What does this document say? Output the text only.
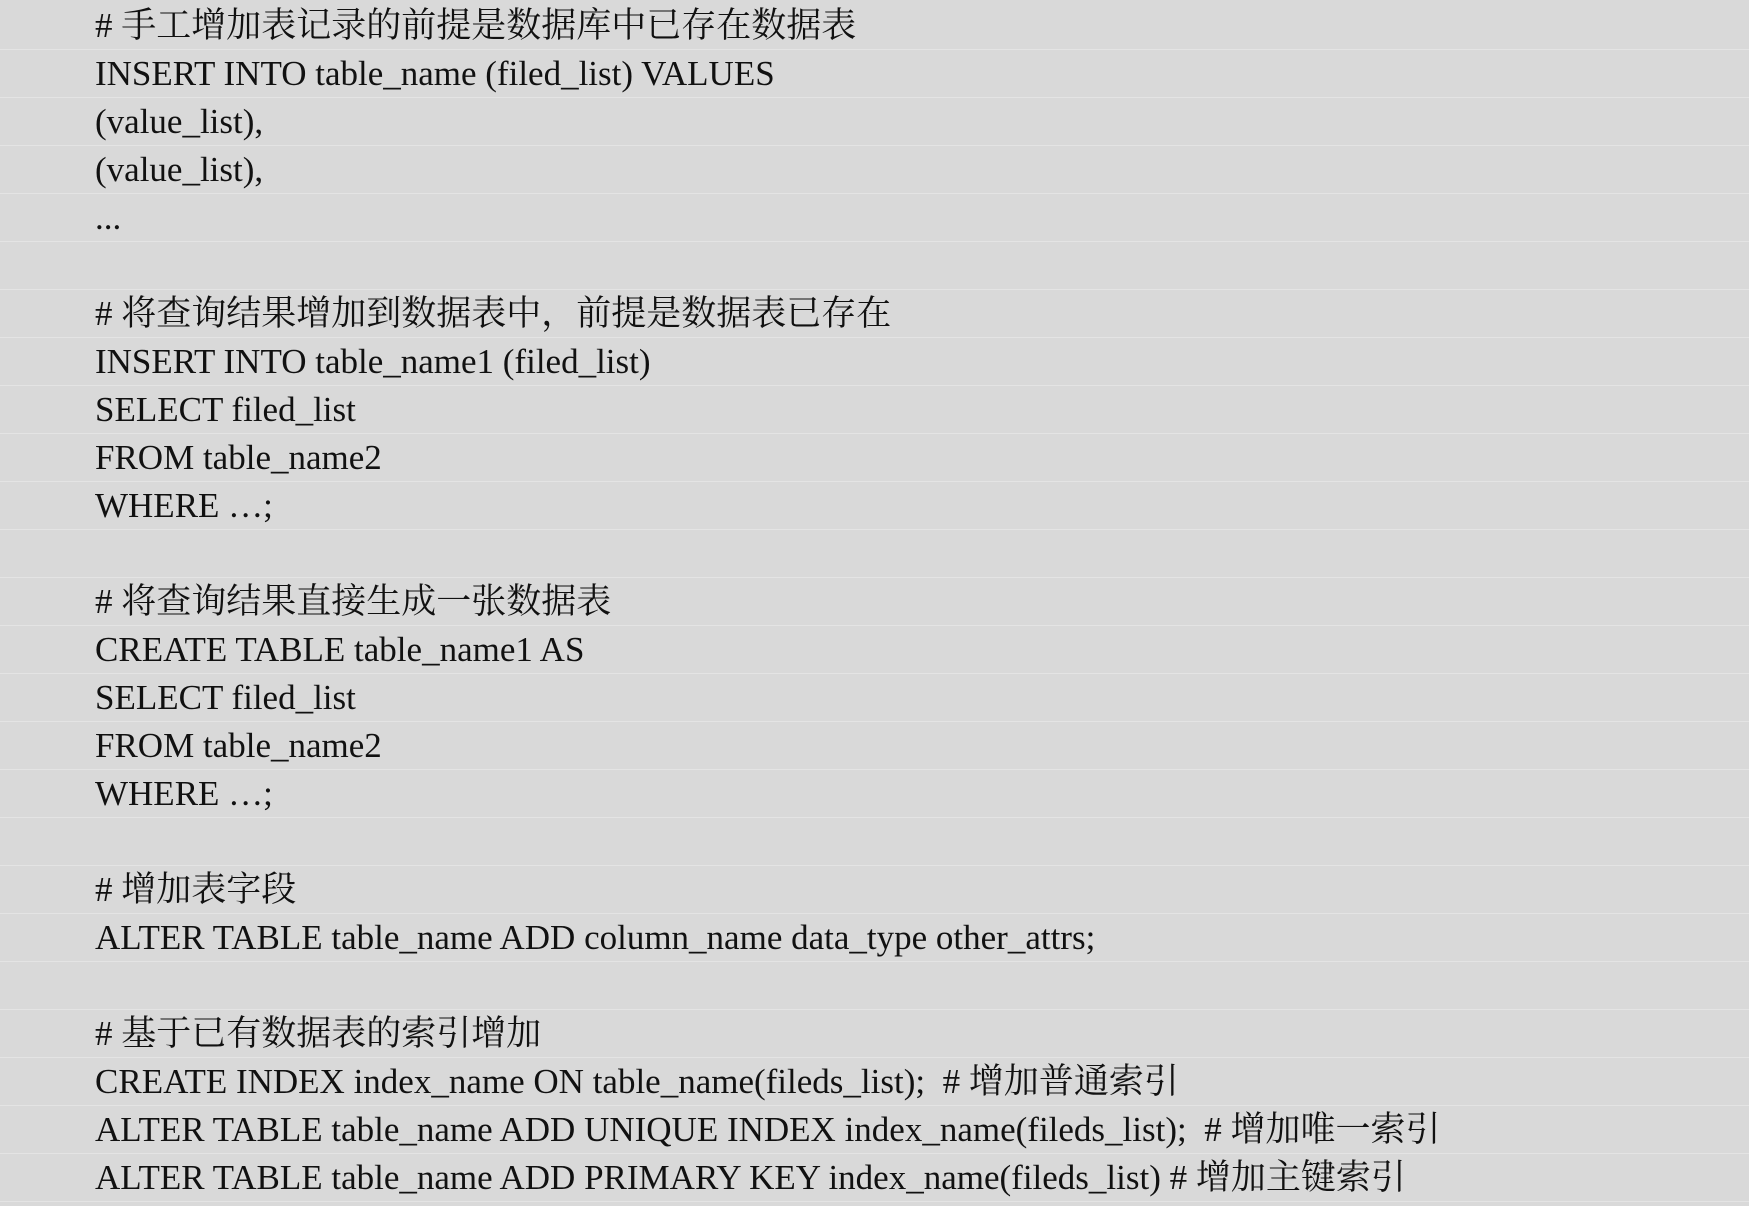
# 手工增加表记录的前提是数据库中已存在数据表
INSERT INTO table_name (filed_list) VALUES
(value_list),
(value_list),
...
# 将查询结果增加到数据表中，前提是数据表已存在
INSERT INTO table_name1 (filed_list)
SELECT filed_list
FROM table_name2
WHERE …;
# 将查询结果直接生成一张数据表
CREATE TABLE table_name1 AS
SELECT filed_list
FROM table_name2
WHERE …;
# 增加表字段
ALTER TABLE table_name ADD column_name data_type other_attrs;
# 基于已有数据表的索引增加
CREATE INDEX index_name ON table_name(fileds_list);  # 增加普通索引
ALTER TABLE table_name ADD UNIQUE INDEX index_name(fileds_list);  # 增加唯一索引
ALTER TABLE table_name ADD PRIMARY KEY index_name(fileds_list) # 增加主键索引
